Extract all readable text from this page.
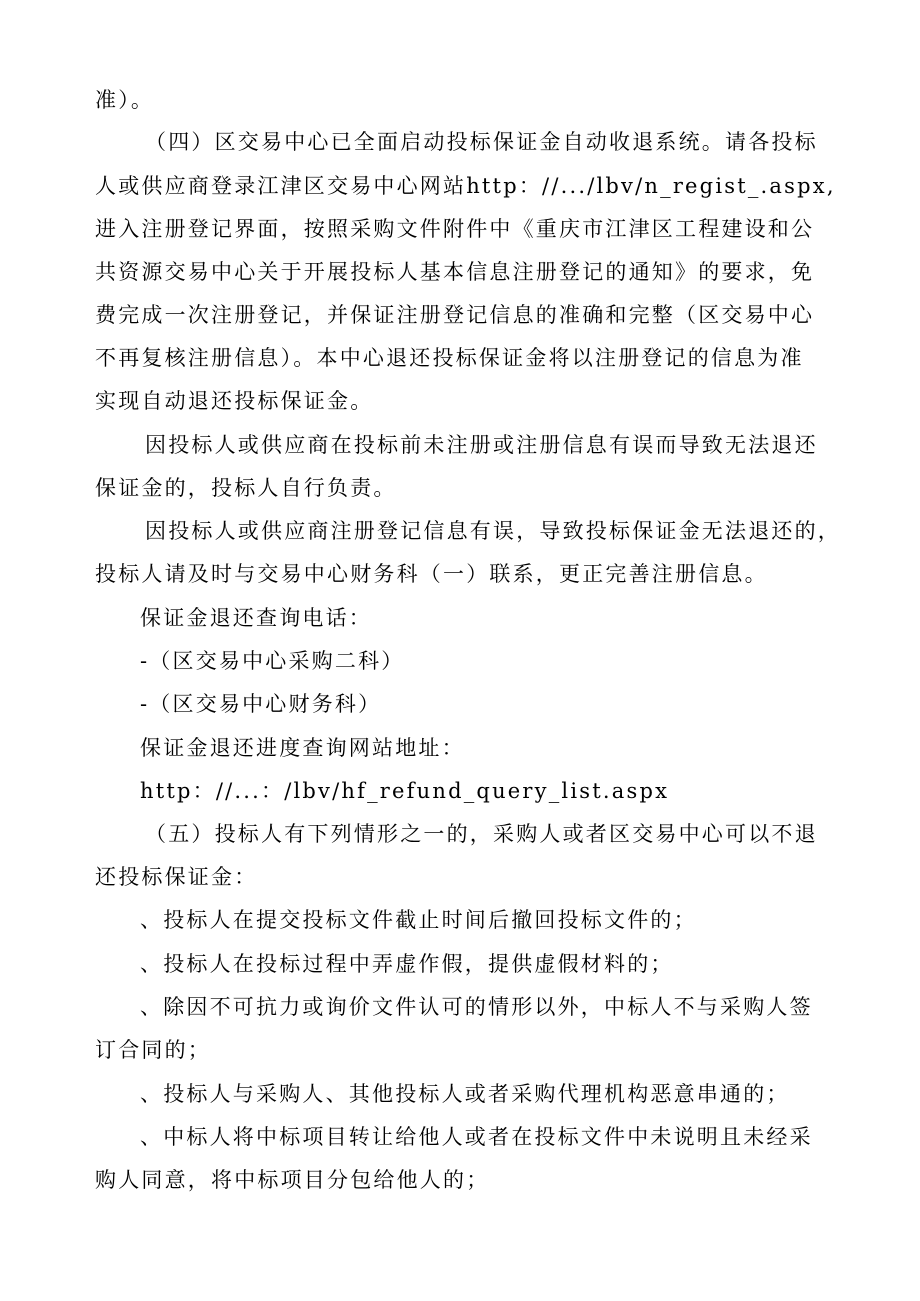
准）。
（四）区交易中心已全面启动投标保证金自动收退系统。请各投标
人或供应商登录江津区交易中心网站http：//.../lbv/n_regist_.aspx,
进入注册登记界面，按照采购文件附件中《重庆市江津区工程建设和公
共资源交易中心关于开展投标人基本信息注册登记的通知》的要求，免
费完成一次注册登记，并保证注册登记信息的准确和完整（区交易中心
不再复核注册信息）。本中心退还投标保证金将以注册登记的信息为准
实现自动退还投标保证金。
因投标人或供应商在投标前未注册或注册信息有误而导致无法退还
保证金的，投标人自行负责。
因投标人或供应商注册登记信息有误，导致投标保证金无法退还的，
投标人请及时与交易中心财务科（一）联系，更正完善注册信息。
保证金退还查询电话：
-（区交易中心采购二科）
-（区交易中心财务科）
保证金退还进度查询网站地址：
http：//...：/lbv/hf_refund_query_list.aspx
（五）投标人有下列情形之一的，采购人或者区交易中心可以不退
还投标保证金：
、投标人在提交投标文件截止时间后撤回投标文件的；
、投标人在投标过程中弄虚作假，提供虚假材料的；
、除因不可抗力或询价文件认可的情形以外，中标人不与采购人签
订合同的；
、投标人与采购人、其他投标人或者采购代理机构恶意串通的；
、中标人将中标项目转让给他人或者在投标文件中未说明且未经采
购人同意，将中标项目分包给他人的；
